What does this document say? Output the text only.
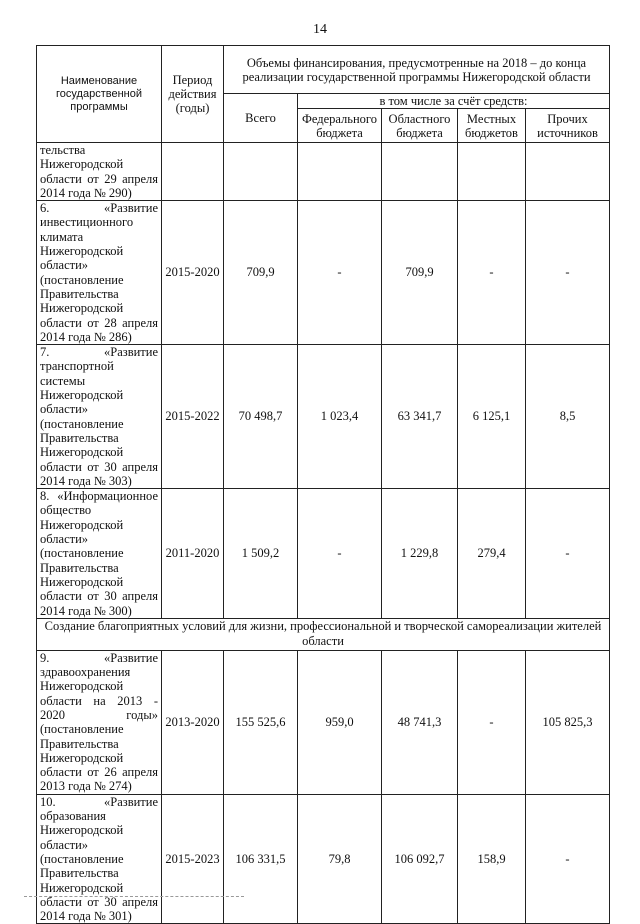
14
Наименование государственной программы	Период действия (годы)	Объемы финансирования, предусмотренные на 2018 – до конца реализации государственной программы Нижегородской области				
		Всего	в том числе за счёт средств:			
			Федерального бюджета	Областного бюджета	Местных бюджетов	Прочих источников
тельства Нижегородской области от 29 апреля 2014 года № 290)						
6. «Развитие инвестиционного климата Нижегородской области» (постановление Правительства Нижегородской области от 28 апреля 2014 года № 286)	2015-2020	709,9	-	709,9	-	-
7. «Развитие транспортной системы Нижегородской области» (постановление Правительства Нижегородской области от 30 апреля 2014 года № 303)	2015-2022	70 498,7	1 023,4	63 341,7	6 125,1	8,5
8. «Информационное общество Нижегородской области» (постановление Правительства Нижегородской области от 30 апреля 2014 года № 300)	2011-2020	1 509,2	-	1 229,8	279,4	-
Создание благоприятных условий для жизни, профессиональной и творческой самореализации жителей области						
9. «Развитие здравоохранения Нижегородской области на 2013 - 2020 годы» (постановление Правительства Нижегородской области от 26 апреля 2013 года № 274)	2013-2020	155 525,6	959,0	48 741,3	-	105 825,3
10. «Развитие образования Нижегородской области» (постановление Правительства Нижегородской области от 30 апреля 2014 года № 301)	2015-2023	106 331,5	79,8	106 092,7	158,9	-
